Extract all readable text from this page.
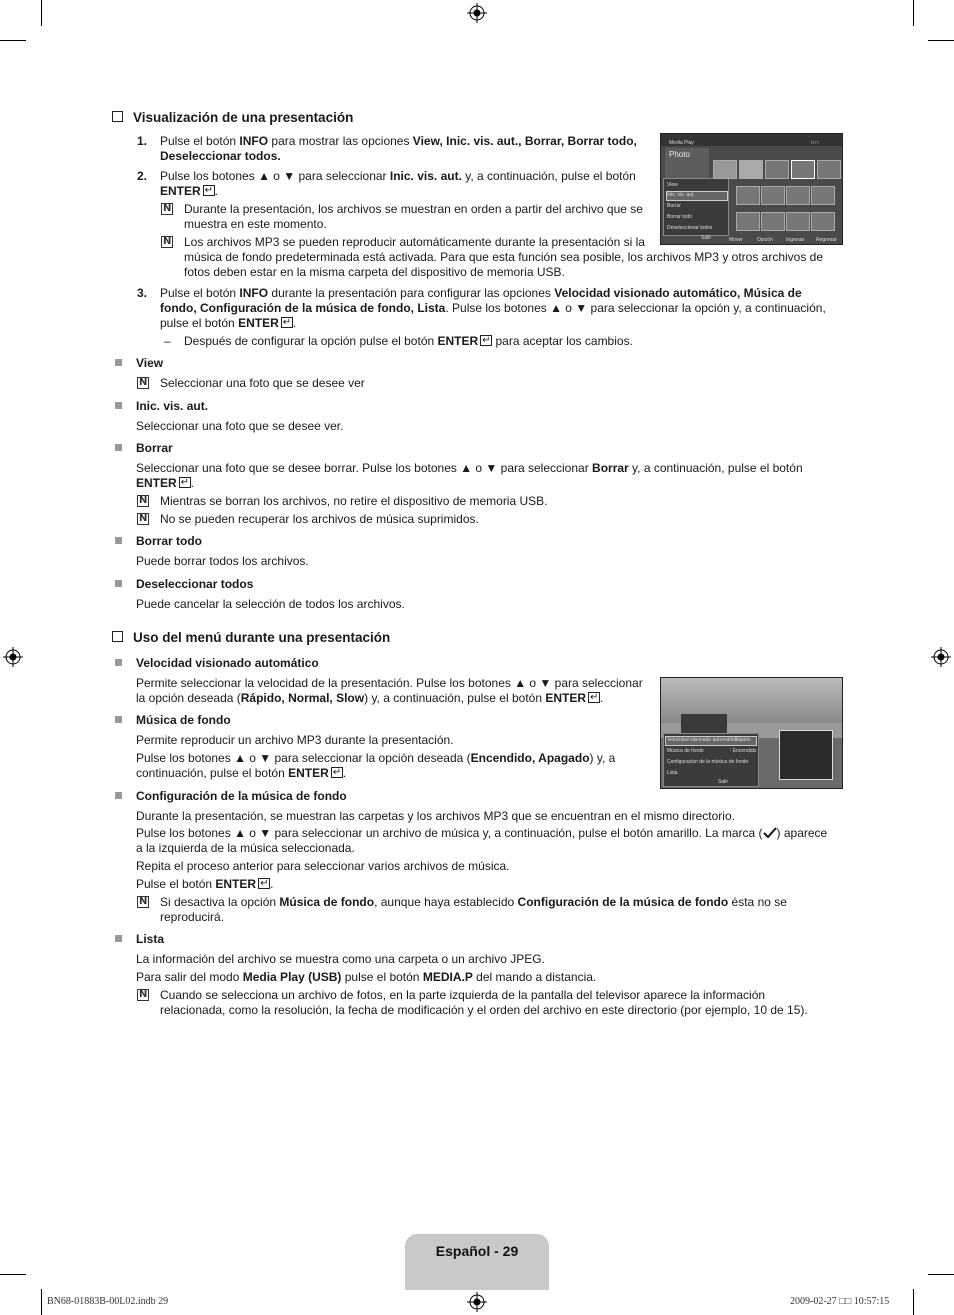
Visualización de una presentación
1. Pulse el botón INFO para mostrar las opciones View, Inic. vis. aut., Borrar, Borrar todo,
Deseleccionar todos.
2. Pulse los botones ▲ o ▼ para seleccionar Inic. vis. aut. y, a continuación, pulse el botón
ENTER ↵ .
N
Durante la presentación, los archivos se muestran en orden a partir del archivo que se
muestra en este momento.
N
Los archivos MP3 se pueden reproducir automáticamente durante la presentación si la
música de fondo predeterminada está activada. Para que esta función sea posible, los archivos MP3 y otros archivos de
fotos deben estar en la misma carpeta del dispositivo de memoria USB.
Media Play	□ □
Photo
View
Inic. vis. aut.
Borrar
Borrar todo
Deseleccionar todos
Salir	Mover	Opción	Ingresar Regresar
3. Pulse el botón INFO durante la presentación para configurar las opciones Velocidad visionado automático, Música de
fondo, Configuración de la música de fondo, Lista. Pulse los botones ▲ o ▼ para seleccionar la opción y, a continuación,
pulse el botón ENTER ↵ .
– Después de configurar la opción pulse el botón ENTER↵ para aceptar los cambios.
View
N
Seleccionar una foto que se desee ver
Inic. vis. aut.
Seleccionar una foto que se desee ver.
Borrar
Seleccionar una foto que se desee borrar. Pulse los botones ▲ o ▼ para seleccionar Borrar y, a continuación, pulse el botón
ENTER ↵ .
N
Mientras se borran los archivos, no retire el dispositivo de memoria USB.
N
No se pueden recuperar los archivos de música suprimidos.
Borrar todo
Puede borrar todos los archivos.
Deseleccionar todos
Puede cancelar la selección de todos los archivos.
Uso del menú durante una presentación
Velocidad visionado automático
Permite seleccionar la velocidad de la presentación. Pulse los botones ▲ o ▼ para seleccionar
la opción deseada (Rápido, Normal, Slow) y, a continuación, pulse el botón ENTER ↵ .
Velocidad visionado automático
: Rápido
Música de fondo	: Encendido
Configuración de la música de fondo
Lista
Salir
Música de fondo
Permite reproducir un archivo MP3 durante la presentación.
Pulse los botones ▲ o ▼ para seleccionar la opción deseada (Encendido, Apagado) y, a
continuación, pulse el botón ENTER ↵ .
Configuración de la música de fondo
Durante la presentación, se muestran las carpetas y los archivos MP3 que se encuentran en el mismo directorio.
Pulse los botones ▲ o ▼ para seleccionar un archivo de música y, a continuación, pulse el botón amarillo. La marca ( ) aparece
a la izquierda de la música seleccionada.
Repita el proceso anterior para seleccionar varios archivos de música.
Pulse el botón ENTER ↵ .
N
Si desactiva la opción Música de fondo, aunque haya establecido Configuración de la música de fondo ésta no se
reproducirá.
Lista
La información del archivo se muestra como una carpeta o un archivo JPEG.
Para salir del modo Media Play (USB) pulse el botón MEDIA.P del mando a distancia.
N
Cuando se selecciona un archivo de fotos, en la parte izquierda de la pantalla del televisor aparece la información
relacionada, como la resolución, la fecha de modificación y el orden del archivo en este directorio (por ejemplo, 10 de 15).
Español - 29
BN68-01883B-00L02.indb 29	2009-02-27 □□ 10:57:15
